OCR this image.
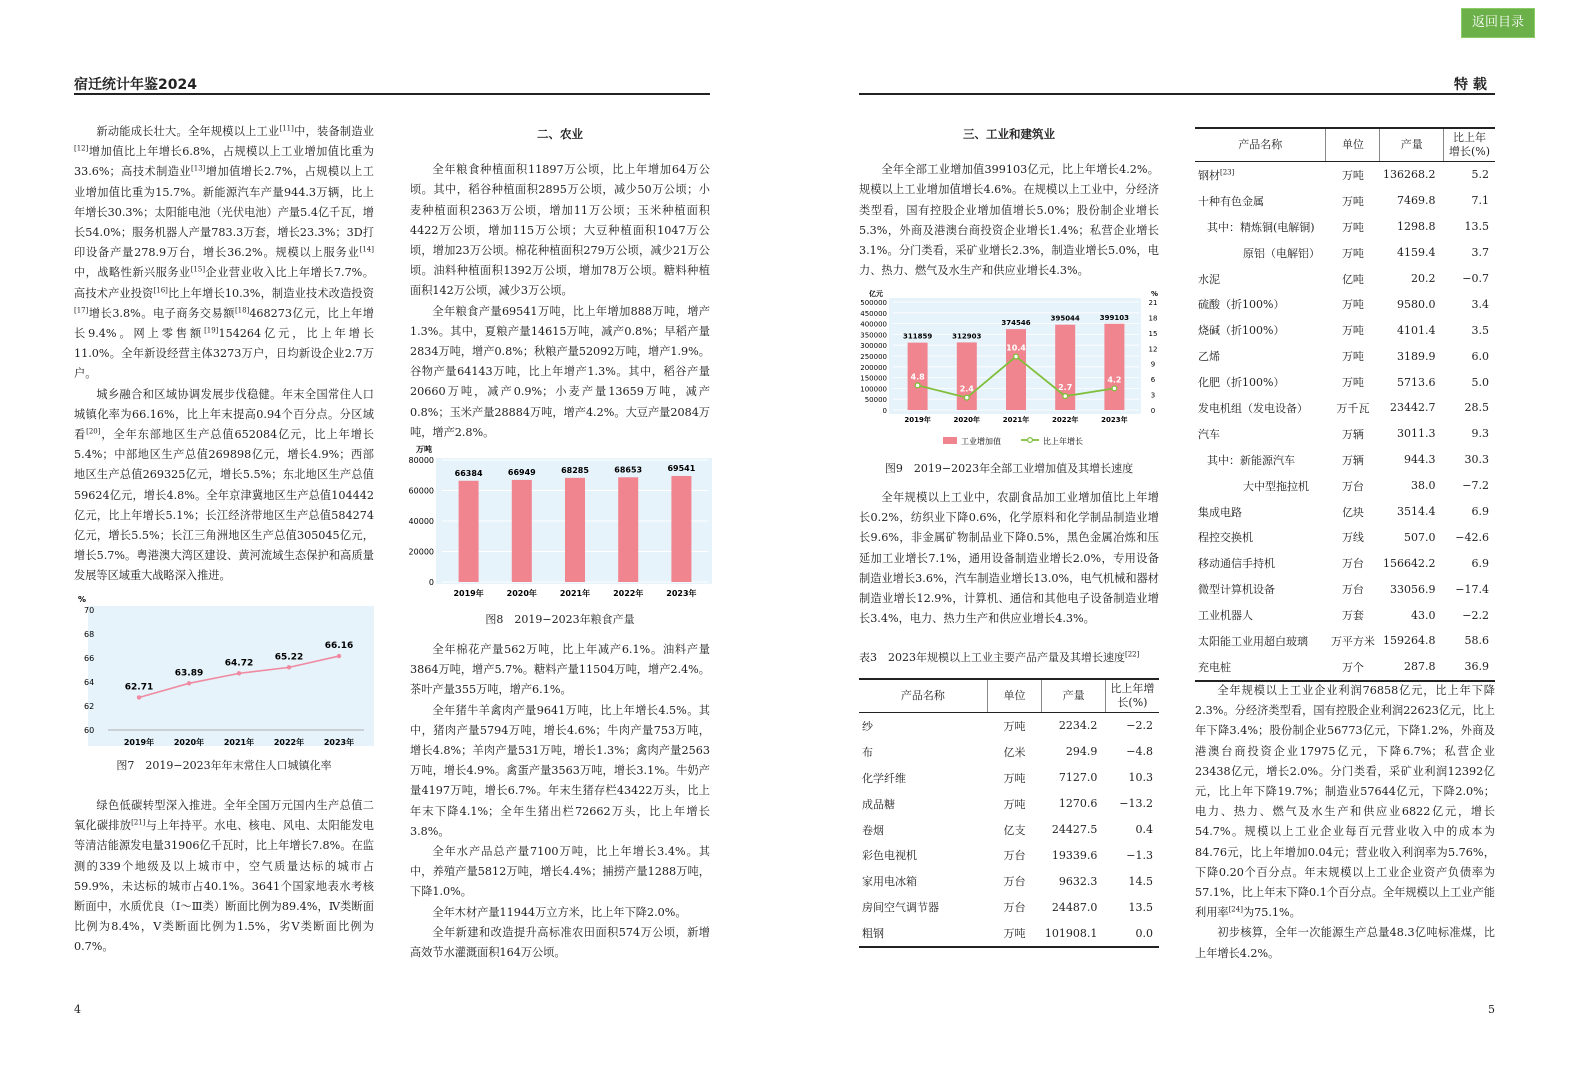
返回目录
宿迁统计年鉴2024	特 载

新动能成长壮大。全年规模以上工业[11]中，装备制造业[12]增加值比上年增长6.8%，占规模以上工业增加值比重为33.6%；高技术制造业[13]增加值增长2.7%，占规模以上工业增加值比重为15.7%。新能源汽车产量944.3万辆，比上年增长30.3%；太阳能电池（光伏电池）产量5.4亿千瓦，增长54.0%；服务机器人产量783.3万套，增长23.3%；3D打印设备产量278.9万台，增长36.2%。规模以上服务业[14]中，战略性新兴服务业[15]企业营业收入比上年增长7.7%。高技术产业投资[16]比上年增长10.3%，制造业技术改造投资[17]增长3.8%。电子商务交易额[18]468273亿元，比上年增长9.4%。网上零售额[19]154264亿元，比上年增长11.0%。全年新设经营主体3273万户，日均新设企业2.7万户。

城乡融合和区域协调发展步伐稳健。年末全国常住人口城镇化率为66.16%，比上年末提高0.94个百分点。分区域看[20]，全年东部地区生产总值652084亿元，比上年增长5.4%；中部地区生产总值269898亿元，增长4.9%；西部地区生产总值269325亿元，增长5.5%；东北地区生产总值59624亿元，增长4.8%。全年京津冀地区生产总值104442亿元，比上年增长5.1%；长江经济带地区生产总值584274亿元，增长5.5%；长江三角洲地区生产总值305045亿元，增长5.7%。粤港澳大湾区建设、黄河流域生态保护和高质量发展等区域重大战略深入推进。

%
60
62
64
66
68
70
2019年 2020年 2021年 2022年 2023年
62.71
63.89
64.72
65.22
66.16
图7　2019−2023年年末常住人口城镇化率

绿色低碳转型深入推进。全年全国万元国内生产总值二氧化碳排放[21]与上年持平。水电、核电、风电、太阳能发电等清洁能源发电量31906亿千瓦时，比上年增长7.8%。在监测的339个地级及以上城市中，空气质量达标的城市占59.9%，未达标的城市占40.1%。3641个国家地表水考核断面中，水质优良（Ⅰ～Ⅲ类）断面比例为89.4%，Ⅳ类断面比例为8.4%，Ⅴ类断面比例为1.5%，劣Ⅴ类断面比例为0.7%。

二、农业

全年粮食种植面积11897万公顷，比上年增加64万公顷。其中，稻谷种植面积2895万公顷，减少50万公顷；小麦种植面积2363万公顷，增加11万公顷；玉米种植面积4422万公顷，增加115万公顷；大豆种植面积1047万公顷，增加23万公顷。棉花种植面积279万公顷，减少21万公顷。油料种植面积1392万公顷，增加78万公顷。糖料种植面积142万公顷，减少3万公顷。

全年粮食产量69541万吨，比上年增加888万吨，增产1.3%。其中，夏粮产量14615万吨，减产0.8%；早稻产量2834万吨，增产0.8%；秋粮产量52092万吨，增产1.9%。谷物产量64143万吨，比上年增产1.3%。其中，稻谷产量20660万吨，减产0.9%；小麦产量13659万吨，减产0.8%；玉米产量28884万吨，增产4.2%。大豆产量2084万吨，增产2.8%。

万吨
0
20000
40000
60000
80000
66384
2019年
66949
2020年
68285
2021年
68653
2022年
69541
2023年
图8　2019−2023年粮食产量

全年棉花产量562万吨，比上年减产6.1%。油料产量3864万吨，增产5.7%。糖料产量11504万吨，增产2.4%。茶叶产量355万吨，增产6.1%。

全年猪牛羊禽肉产量9641万吨，比上年增长4.5%。其中，猪肉产量5794万吨，增长4.6%；牛肉产量753万吨，增长4.8%；羊肉产量531万吨，增长1.3%；禽肉产量2563万吨，增长4.9%。禽蛋产量3563万吨，增长3.1%。牛奶产量4197万吨，增长6.7%。年末生猪存栏43422万头，比上年末下降4.1%；全年生猪出栏72662万头，比上年增长3.8%。

全年水产品总产量7100万吨，比上年增长3.4%。其中，养殖产量5812万吨，增长4.4%；捕捞产量1288万吨，下降1.0%。

全年木材产量11944万立方米，比上年下降2.0%。

全年新建和改造提升高标准农田面积574万公顷，新增高效节水灌溉面积164万公顷。

三、工业和建筑业

全年全部工业增加值399103亿元，比上年增长4.2%。规模以上工业增加值增长4.6%。在规模以上工业中，分经济类型看，国有控股企业增加值增长5.0%；股份制企业增长5.3%，外商及港澳台商投资企业增长1.4%；私营企业增长3.1%。分门类看，采矿业增长2.3%，制造业增长5.0%，电力、热力、燃气及水生产和供应业增长4.3%。

亿元	%
0
50000
100000
150000
200000
250000
300000
350000
400000
450000
500000
0
3
6
9
12
15
18
21
311859
2019年
312903
2020年
374546
2021年
395044
2022年
399103
2023年
4.8
2.4
10.4
2.7
4.2
工业增加值	比上年增长
图9　2019−2023年全部工业增加值及其增长速度

全年规模以上工业中，农副食品加工业增加值比上年增长0.2%，纺织业下降0.6%，化学原料和化学制品制造业增长9.6%，非金属矿物制品业下降0.5%，黑色金属冶炼和压延加工业增长7.1%，通用设备制造业增长2.0%，专用设备制造业增长3.6%，汽车制造业增长13.0%，电气机械和器材制造业增长12.9%，计算机、通信和其他电子设备制造业增长3.4%，电力、热力生产和供应业增长4.3%。

表3　2023年规模以上工业主要产品产量及其增长速度[22]
产品名称	单位	产量	比上年增长(%)
纱	万吨	2234.2	−2.2
布	亿米	294.9	−4.8
化学纤维	万吨	7127.0	10.3
成品糖	万吨	1270.6	−13.2
卷烟	亿支	24427.5	0.4
彩色电视机	万台	19339.6	−1.3
家用电冰箱	万台	9632.3	14.5
房间空气调节器	万台	24487.0	13.5
粗钢	万吨	101908.1	0.0
产品名称	单位	产量	比上年增长(%)
钢材[23]	万吨	136268.2	5.2
十种有色金属	万吨	7469.8	7.1
其中：精炼铜(电解铜)	万吨	1298.8	13.5
原铝（电解铝）	万吨	4159.4	3.7
水泥	亿吨	20.2	−0.7
硫酸（折100%）	万吨	9580.0	3.4
烧碱（折100%）	万吨	4101.4	3.5
乙烯	万吨	3189.9	6.0
化肥（折100%）	万吨	5713.6	5.0
发电机组（发电设备）	万千瓦	23442.7	28.5
汽车	万辆	3011.3	9.3
其中：新能源汽车	万辆	944.3	30.3
大中型拖拉机	万台	38.0	−7.2
集成电路	亿块	3514.4	6.9
程控交换机	万线	507.0	−42.6
移动通信手持机	万台	156642.2	6.9
微型计算机设备	万台	33056.9	−17.4
工业机器人	万套	43.0	−2.2
太阳能工业用超白玻璃	万平方米	159264.8	58.6
充电桩	万个	287.8	36.9

全年规模以上工业企业利润76858亿元，比上年下降2.3%。分经济类型看，国有控股企业利润22623亿元，比上年下降3.4%；股份制企业56773亿元，下降1.2%，外商及港澳台商投资企业17975亿元，下降6.7%；私营企业23438亿元，增长2.0%。分门类看，采矿业利润12392亿元，比上年下降19.7%；制造业57644亿元，下降2.0%；电力、热力、燃气及水生产和供应业6822亿元，增长54.7%。规模以上工业企业每百元营业收入中的成本为84.76元，比上年增加0.04元；营业收入利润率为5.76%，下降0.20个百分点。年末规模以上工业企业资产负债率为57.1%，比上年末下降0.1个百分点。全年规模以上工业产能利用率[24]为75.1%。

初步核算，全年一次能源生产总量48.3亿吨标准煤，比上年增长4.2%。

4	5
